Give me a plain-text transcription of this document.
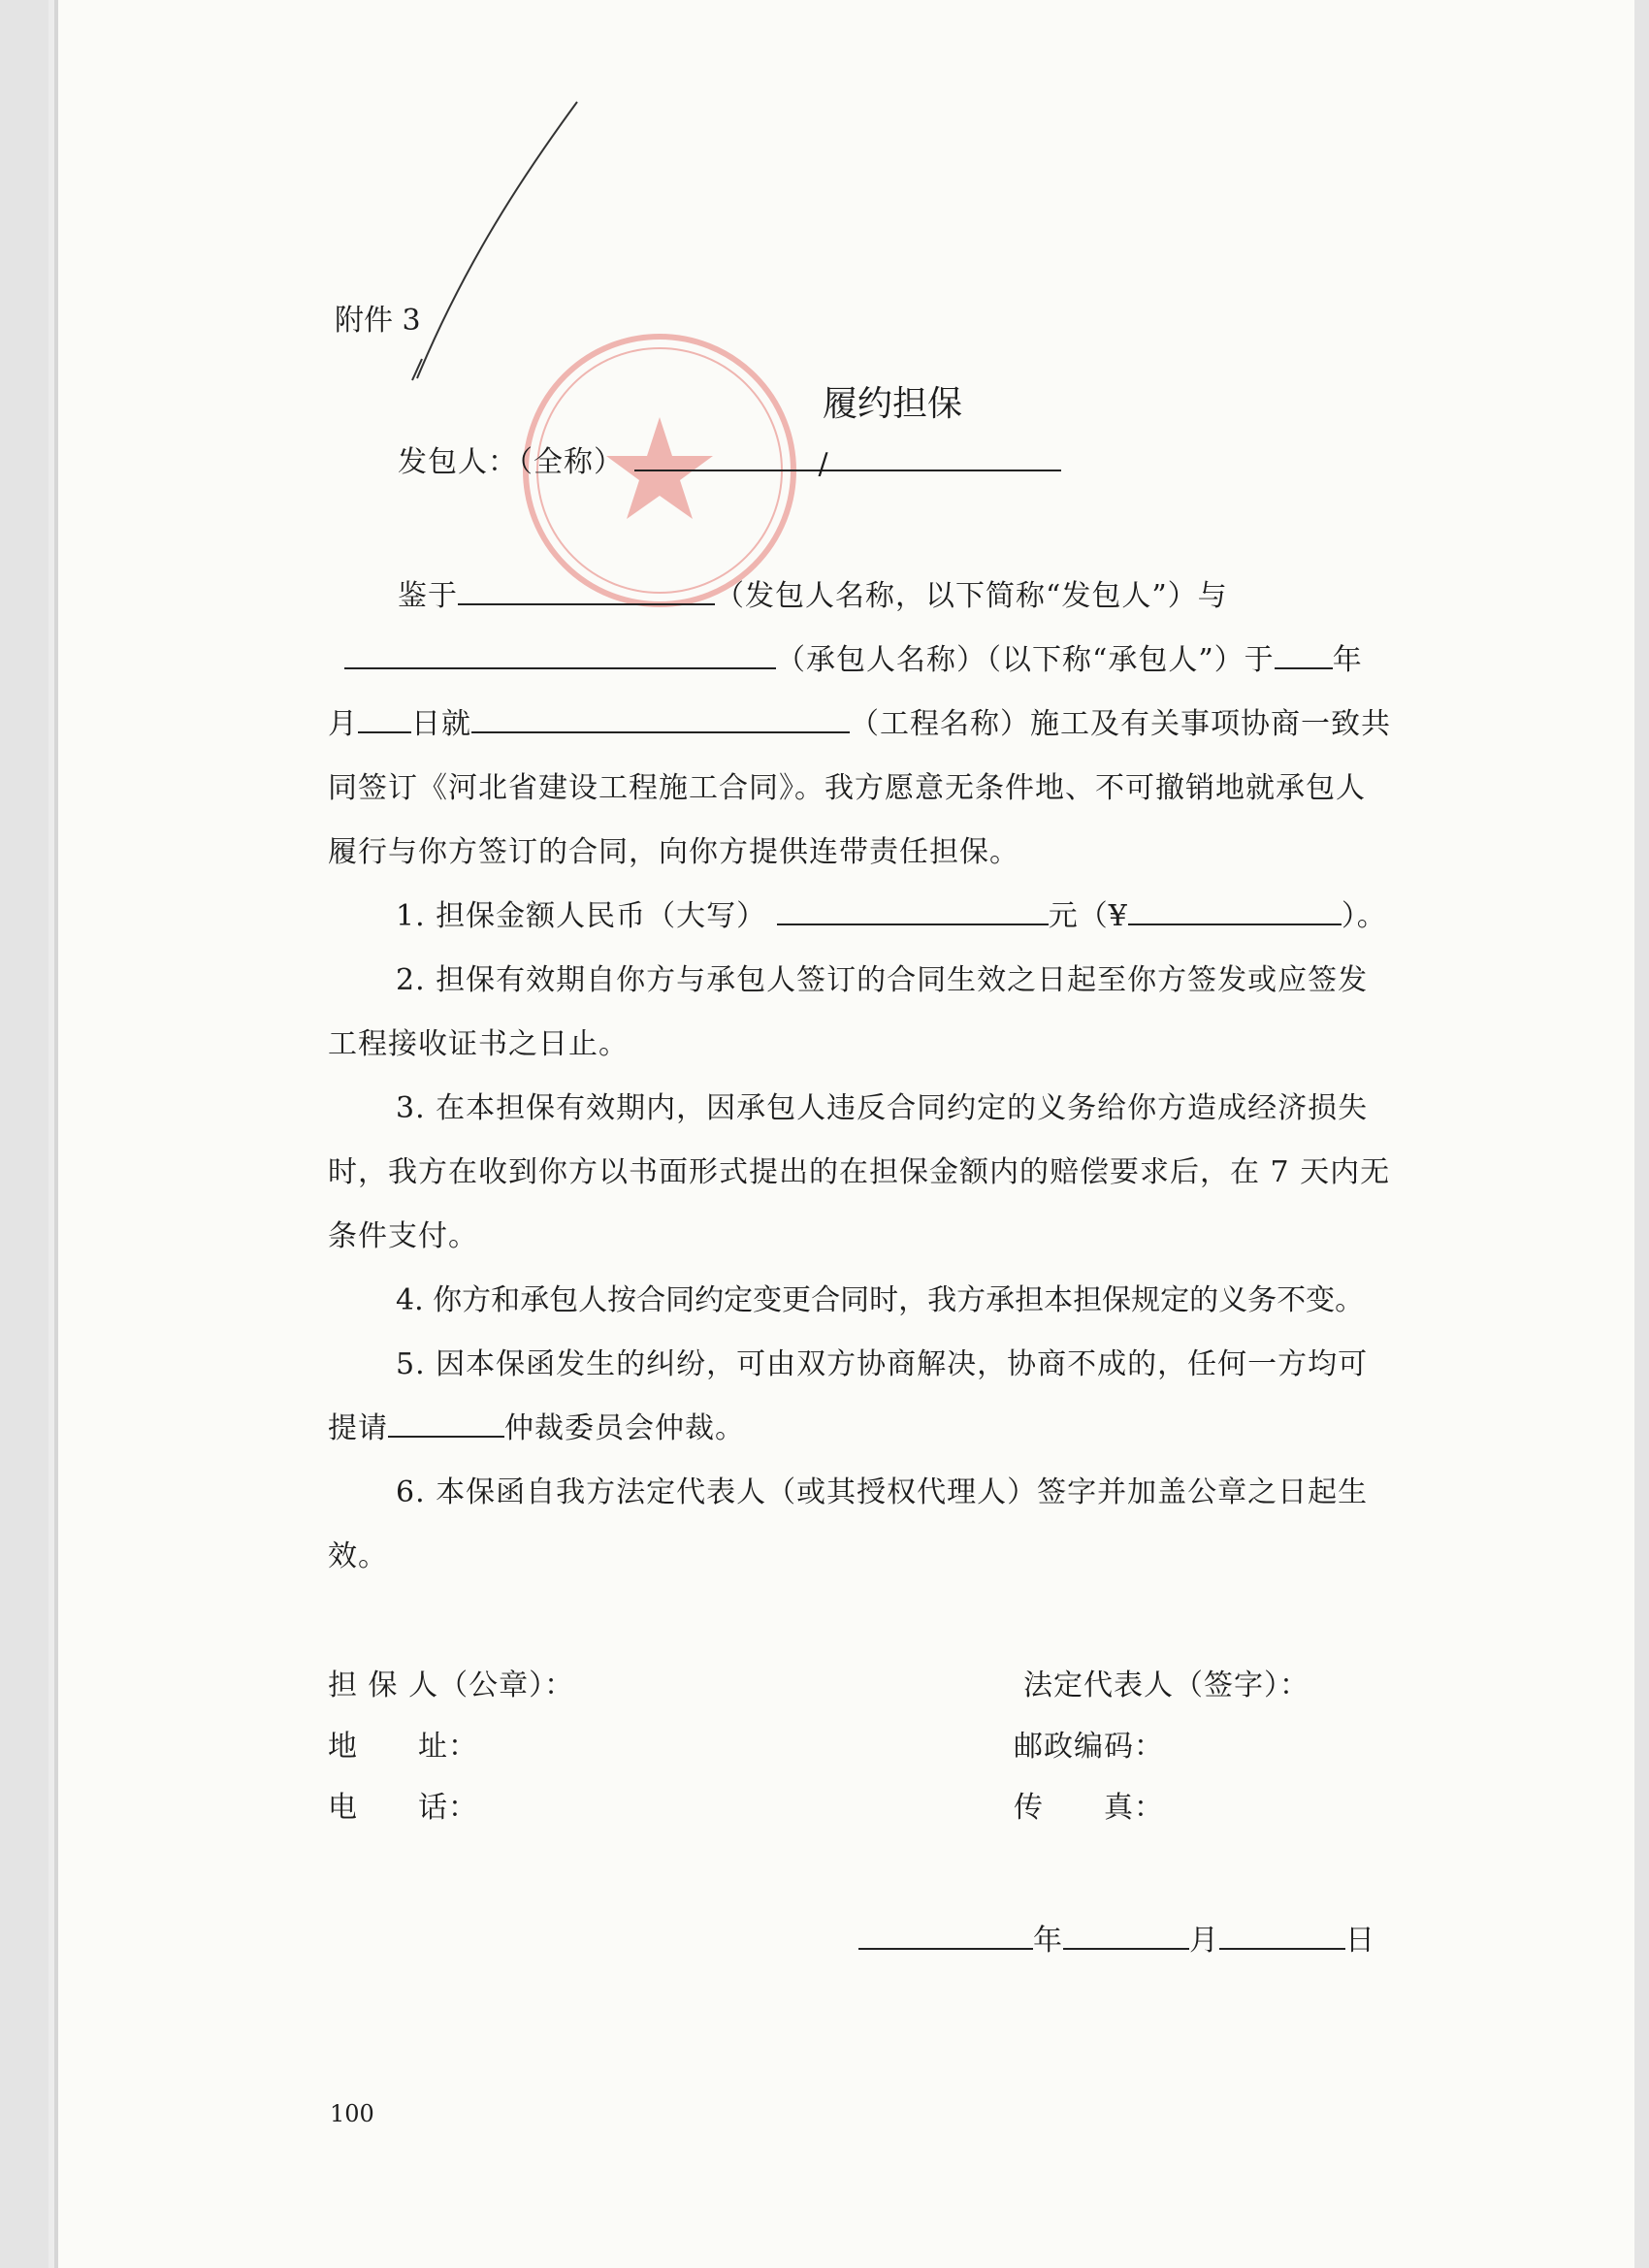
附件 3
履约担保
发包人：（全称）	/
鉴于	（发包人名称，以下简称“发包人”）与
（承包人名称）（以下称“承包人”）于 年
月 日就	（工程名称）施工及有关事项协商一致共
同签订《河北省建设工程施工合同》。我方愿意无条件地、不可撤销地就承包人
履行与你方签订的合同，向你方提供连带责任担保。
1. 担保金额人民币（大写）	元（¥	）。
2. 担保有效期自你方与承包人签订的合同生效之日起至你方签发或应签发
工程接收证书之日止。
3. 在本担保有效期内，因承包人违反合同约定的义务给你方造成经济损失
时，我方在收到你方以书面形式提出的在担保金额内的赔偿要求后，在 7 天内无
条件支付。
4. 你方和承包人按合同约定变更合同时，我方承担本担保规定的义务不变。
5. 因本保函发生的纠纷，可由双方协商解决，协商不成的，任何一方均可
提请	仲裁委员会仲裁。
6. 本保函自我方法定代表人（或其授权代理人）签字并加盖公章之日起生
效。
担 保 人（公章）：	法定代表人（签字）：
地　　址：	邮政编码：
电　　话：	传　　真：
年	月	日
100
